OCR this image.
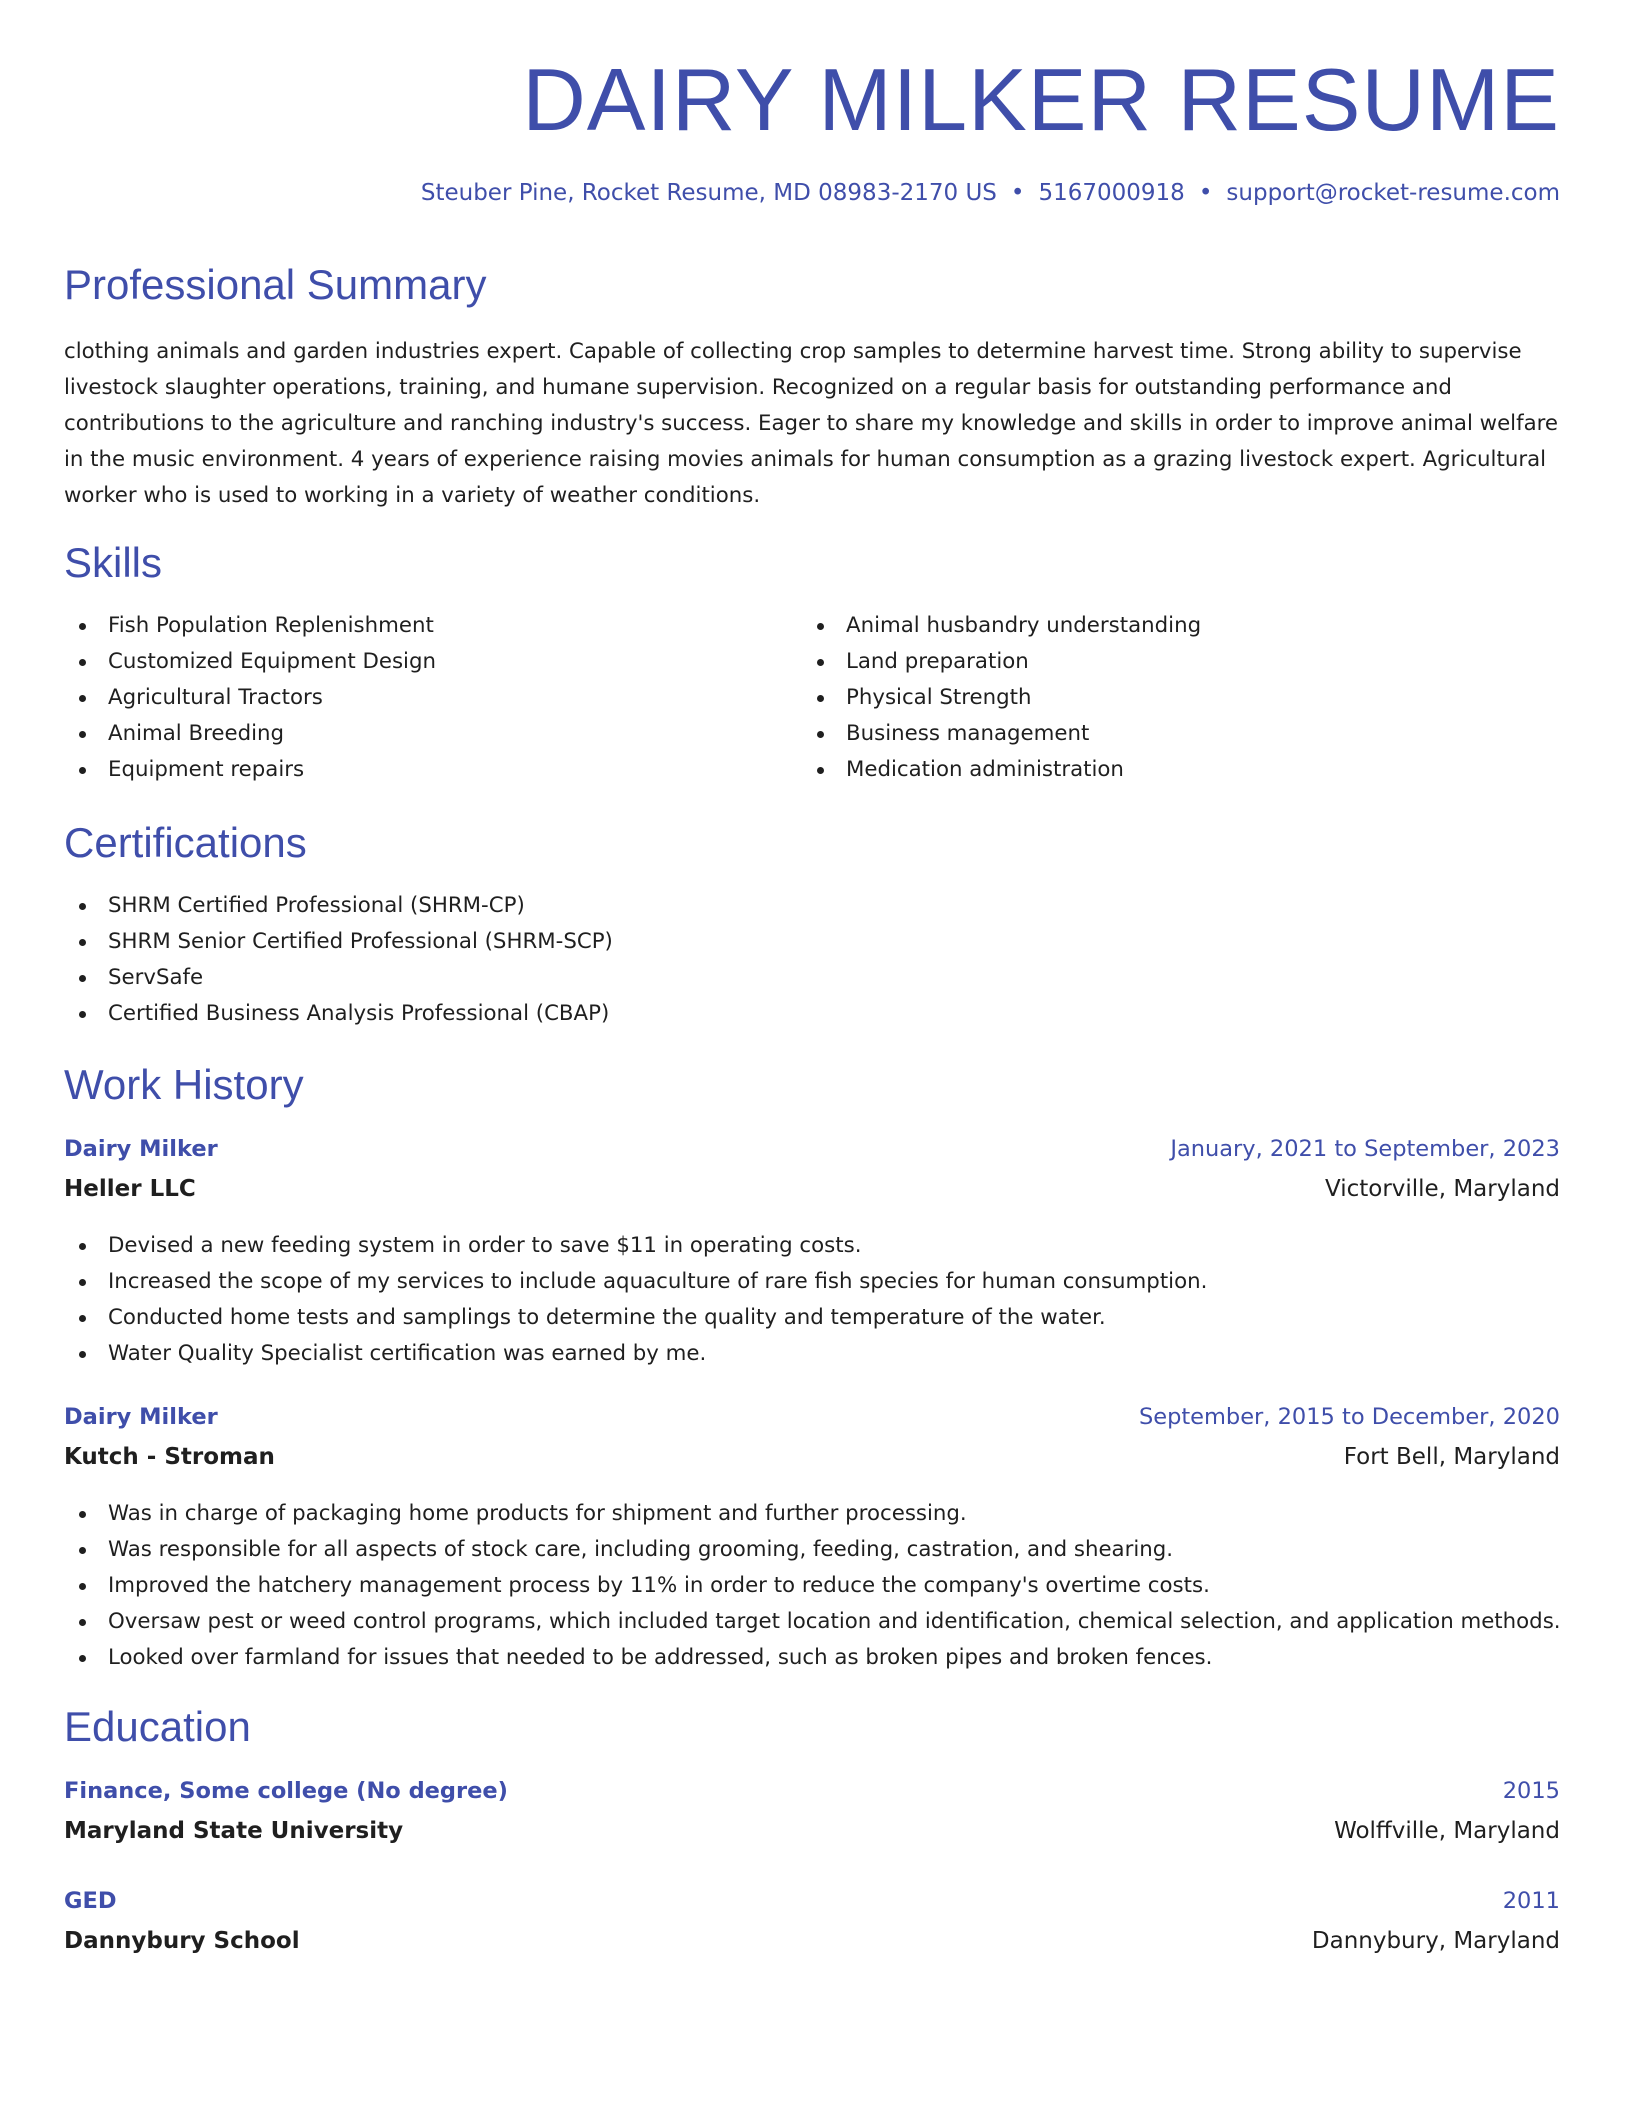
DAIRY MILKER RESUME
Steuber Pine, Rocket Resume, MD 08983-2170 US • 5167000918 • support@rocket-resume.com
Professional Summary

clothing animals and garden industries expert. Capable of collecting crop samples to determine harvest time. Strong ability to supervise livestock slaughter operations, training, and humane supervision. Recognized on a regular basis for outstanding performance and contributions to the agriculture and ranching industry's success. Eager to share my knowledge and skills in order to improve animal welfare in the music environment. 4 years of experience raising movies animals for human consumption as a grazing livestock expert. Agricultural worker who is used to working in a variety of weather conditions.

Skills
Fish Population Replenishment
Customized Equipment Design
Agricultural Tractors
Animal Breeding
Equipment repairs
Animal husbandry understanding
Land preparation
Physical Strength
Business management
Medication administration
Certifications
SHRM Certified Professional (SHRM-CP)
SHRM Senior Certified Professional (SHRM-SCP)
ServSafe
Certified Business Analysis Professional (CBAP)
Work History
Dairy Milker	January, 2021 to September, 2023
Heller LLC	Victorville, Maryland
Devised a new feeding system in order to save $11 in operating costs.
Increased the scope of my services to include aquaculture of rare fish species for human consumption.
Conducted home tests and samplings to determine the quality and temperature of the water.
Water Quality Specialist certification was earned by me.
Dairy Milker	September, 2015 to December, 2020
Kutch - Stroman	Fort Bell, Maryland
Was in charge of packaging home products for shipment and further processing.
Was responsible for all aspects of stock care, including grooming, feeding, castration, and shearing.
Improved the hatchery management process by 11% in order to reduce the company's overtime costs.
Oversaw pest or weed control programs, which included target location and identification, chemical selection, and application methods.
Looked over farmland for issues that needed to be addressed, such as broken pipes and broken fences.
Education
Finance, Some college (No degree)	2015
Maryland State University	Wolffville, Maryland
GED	2011
Dannybury School	Dannybury, Maryland
